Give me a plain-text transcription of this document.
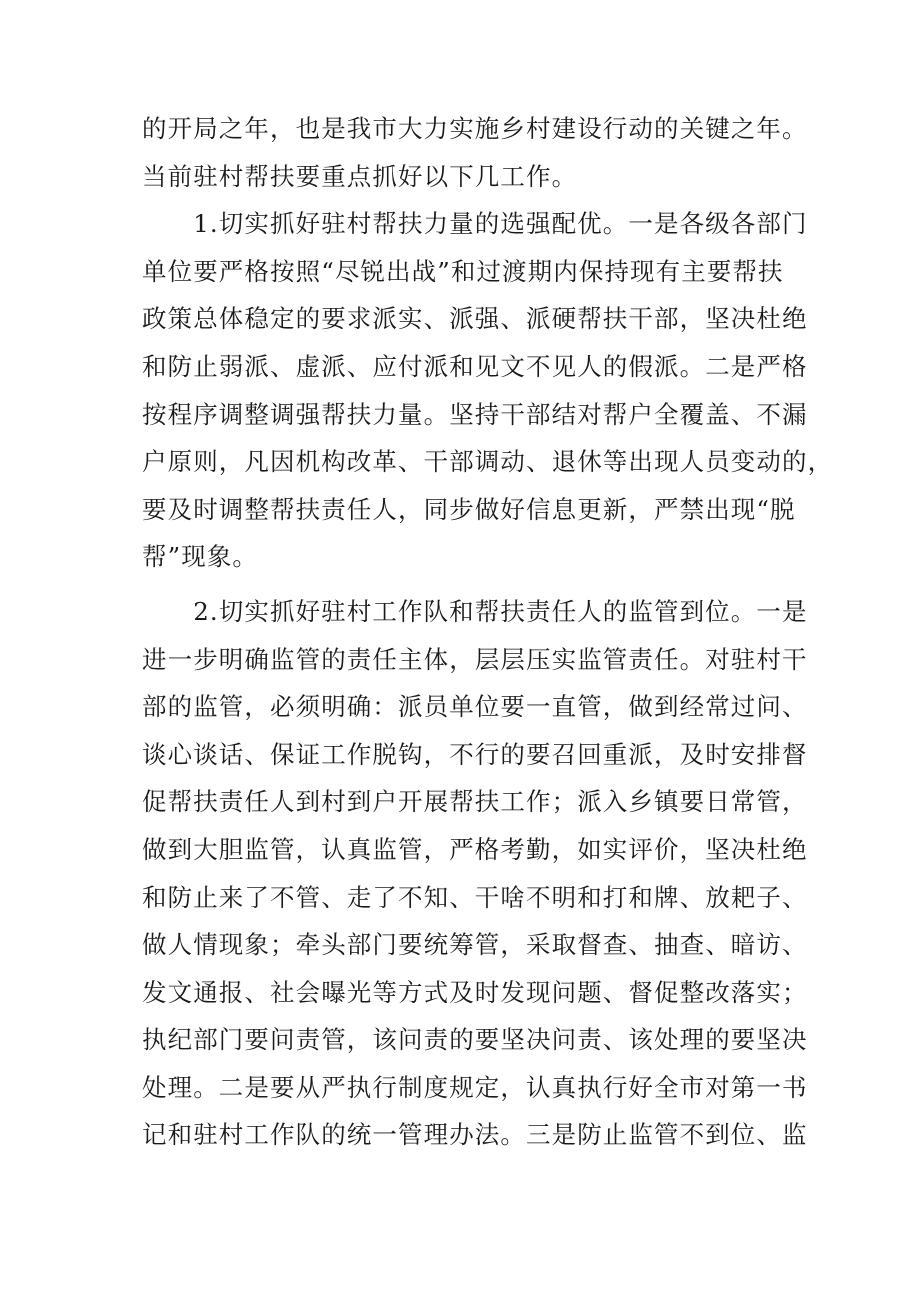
的开局之年，也是我市大力实施乡村建设行动的关键之年。
当前驻村帮扶要重点抓好以下几工作。
　　1.切实抓好驻村帮扶力量的选强配优。一是各级各部门
单位要严格按照“尽锐出战”和过渡期内保持现有主要帮扶
政策总体稳定的要求派实、派强、派硬帮扶干部，坚决杜绝
和防止弱派、虚派、应付派和见文不见人的假派。二是严格
按程序调整调强帮扶力量。坚持干部结对帮户全覆盖、不漏
户原则，凡因机构改革、干部调动、退休等出现人员变动的，
要及时调整帮扶责任人，同步做好信息更新，严禁出现“脱
帮”现象。
　　2.切实抓好驻村工作队和帮扶责任人的监管到位。一是
进一步明确监管的责任主体，层层压实监管责任。对驻村干
部的监管，必须明确：派员单位要一直管，做到经常过问、
谈心谈话、保证工作脱钩，不行的要召回重派，及时安排督
促帮扶责任人到村到户开展帮扶工作；派入乡镇要日常管，
做到大胆监管，认真监管，严格考勤，如实评价，坚决杜绝
和防止来了不管、走了不知、干啥不明和打和牌、放耙子、
做人情现象；牵头部门要统筹管，采取督查、抽查、暗访、
发文通报、社会曝光等方式及时发现问题、督促整改落实；
执纪部门要问责管，该问责的要坚决问责、该处理的要坚决
处理。二是要从严执行制度规定，认真执行好全市对第一书
记和驻村工作队的统一管理办法。三是防止监管不到位、监
